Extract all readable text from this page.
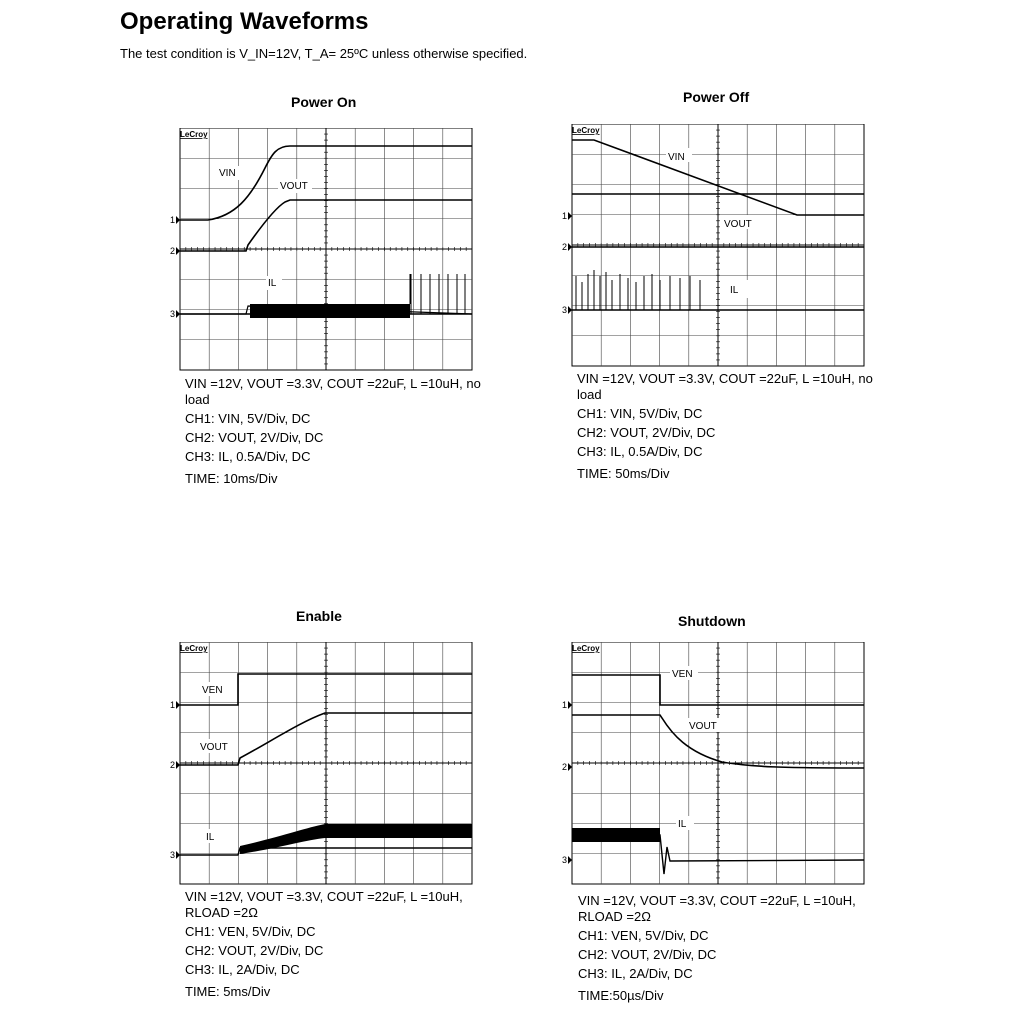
Operating Waveforms
The test condition is V_IN=12V, T_A= 25ºC unless otherwise specified.
Power On
LeCroy
1
2
3
VIN
VOUT
IL
VIN =12V, VOUT =3.3V, COUT =22uF, L =10uH, no load
CH1: VIN, 5V/Div, DC
CH2: VOUT, 2V/Div, DC
CH3: IL, 0.5A/Div, DC
TIME: 10ms/Div
Power Off
LeCroy
1
2
3
VIN
VOUT
IL
VIN =12V, VOUT =3.3V, COUT =22uF, L =10uH, no load
CH1: VIN, 5V/Div, DC
CH2: VOUT, 2V/Div, DC
CH3: IL, 0.5A/Div, DC
TIME: 50ms/Div
Enable
LeCroy
1
2
3
VEN
VOUT
IL
VIN =12V, VOUT =3.3V, COUT =22uF, L =10uH, RLOAD =2Ω
CH1: VEN, 5V/Div, DC
CH2: VOUT, 2V/Div, DC
CH3: IL, 2A/Div, DC
TIME: 5ms/Div
Shutdown
LeCroy
1
2
3
VEN
VOUT
IL
VIN =12V, VOUT =3.3V, COUT =22uF, L =10uH, RLOAD =2Ω
CH1: VEN, 5V/Div, DC
CH2: VOUT, 2V/Div, DC
CH3: IL, 2A/Div, DC
TIME:50µs/Div
